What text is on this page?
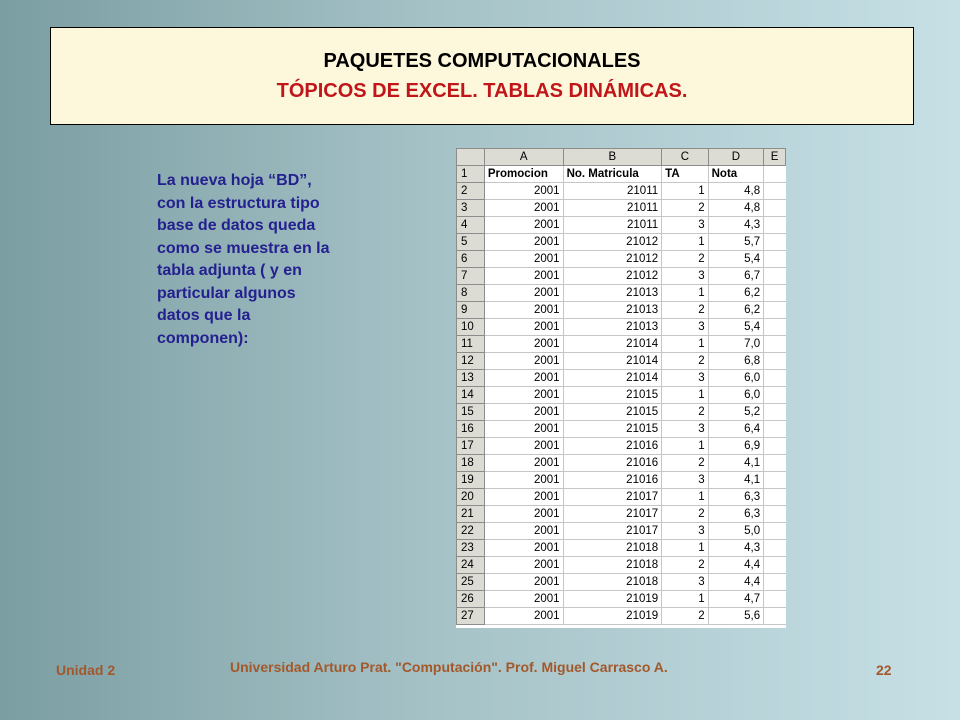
PAQUETES COMPUTACIONALES
TÓPICOS DE EXCEL. TABLAS DINÁMICAS.
La nueva hoja “BD”,
con la estructura tipo
base de datos queda
como se muestra en la
tabla adjunta ( y en
particular algunos
datos que la
componen):
	A	B	C	D	E
1	Promocion	No. Matricula	TA	Nota	
2	2001	21011	1	4,8	
3	2001	21011	2	4,8	
4	2001	21011	3	4,3	
5	2001	21012	1	5,7	
6	2001	21012	2	5,4	
7	2001	21012	3	6,7	
8	2001	21013	1	6,2	
9	2001	21013	2	6,2	
10	2001	21013	3	5,4	
11	2001	21014	1	7,0	
12	2001	21014	2	6,8	
13	2001	21014	3	6,0	
14	2001	21015	1	6,0	
15	2001	21015	2	5,2	
16	2001	21015	3	6,4	
17	2001	21016	1	6,9	
18	2001	21016	2	4,1	
19	2001	21016	3	4,1	
20	2001	21017	1	6,3	
21	2001	21017	2	6,3	
22	2001	21017	3	5,0	
23	2001	21018	1	4,3	
24	2001	21018	2	4,4	
25	2001	21018	3	4,4	
26	2001	21019	1	4,7	
27	2001	21019	2	5,6	
Unidad 2	Universidad Arturo Prat. "Computación". Prof. Miguel Carrasco A.	22
